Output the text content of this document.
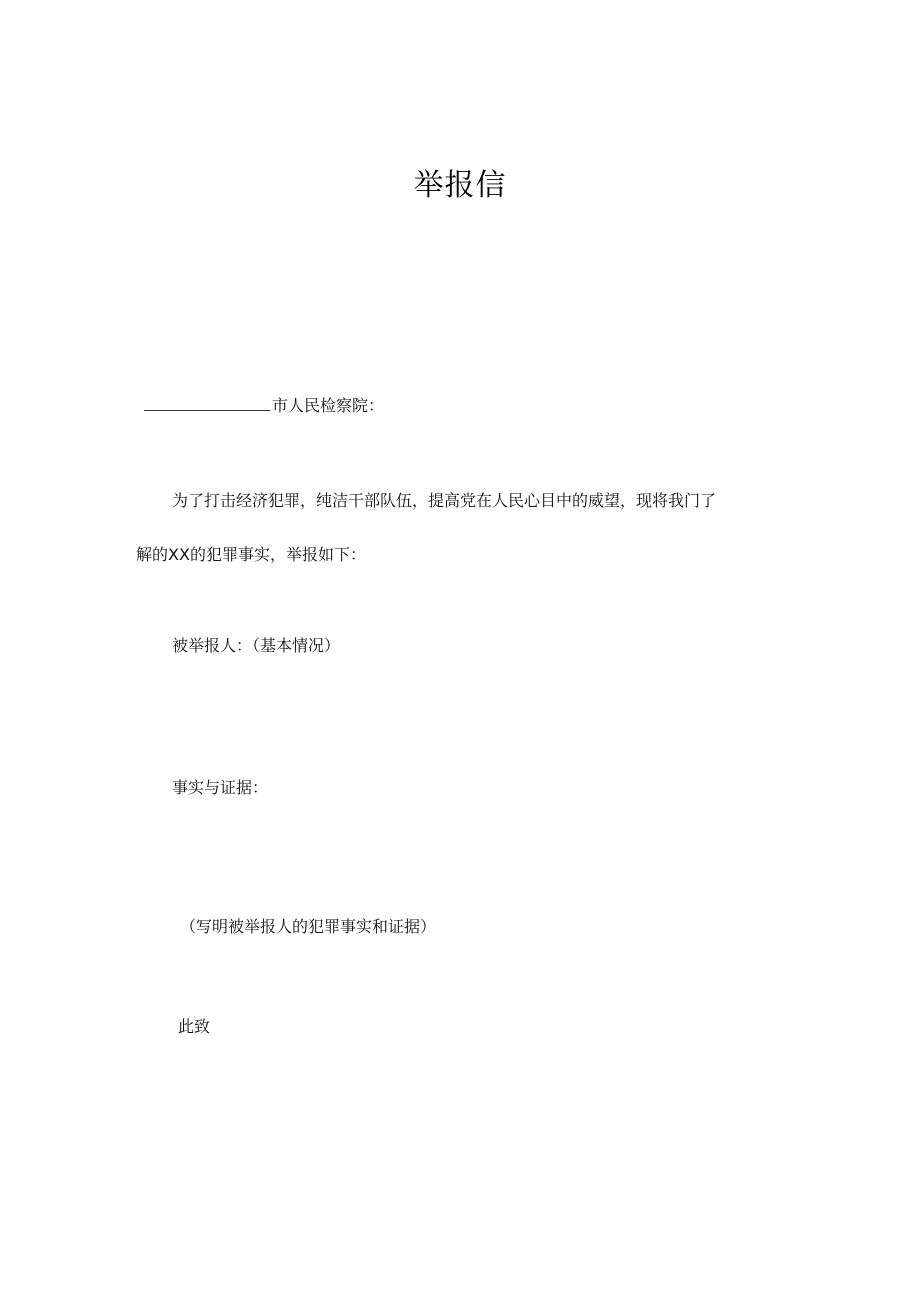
举报信
市人民检察院：
为了打击经济犯罪，纯洁干部队伍，提高党在人民心目中的威望，现将我门了
解的XX的犯罪事实，举报如下：
被举报人：（基本情况）
事实与证据：
（写明被举报人的犯罪事实和证据）
此致
